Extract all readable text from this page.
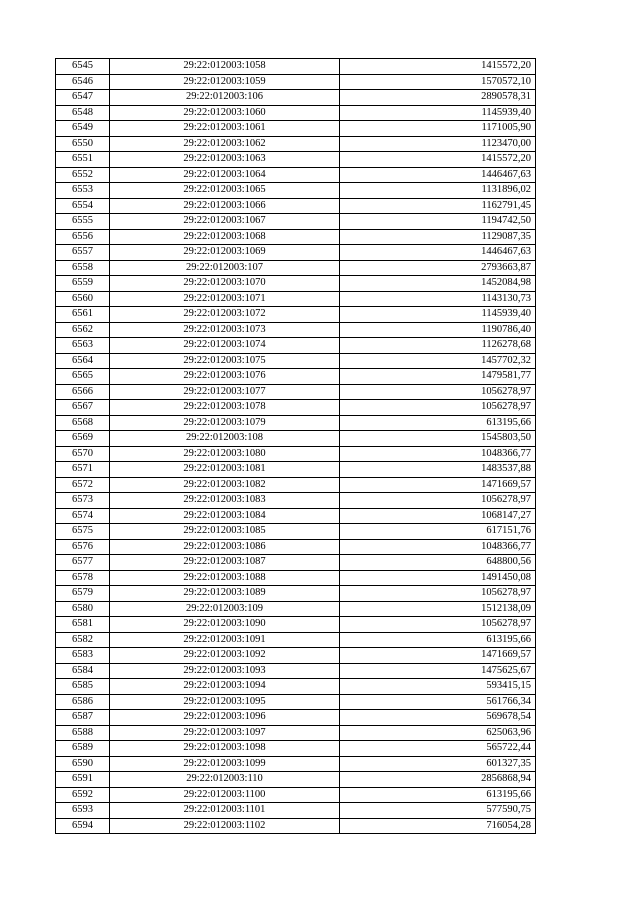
6545	29:22:012003:1058	1415572,20
6546	29:22:012003:1059	1570572,10
6547	29:22:012003:106	2890578,31
6548	29:22:012003:1060	1145939,40
6549	29:22:012003:1061	1171005,90
6550	29:22:012003:1062	1123470,00
6551	29:22:012003:1063	1415572,20
6552	29:22:012003:1064	1446467,63
6553	29:22:012003:1065	1131896,02
6554	29:22:012003:1066	1162791,45
6555	29:22:012003:1067	1194742,50
6556	29:22:012003:1068	1129087,35
6557	29:22:012003:1069	1446467,63
6558	29:22:012003:107	2793663,87
6559	29:22:012003:1070	1452084,98
6560	29:22:012003:1071	1143130,73
6561	29:22:012003:1072	1145939,40
6562	29:22:012003:1073	1190786,40
6563	29:22:012003:1074	1126278,68
6564	29:22:012003:1075	1457702,32
6565	29:22:012003:1076	1479581,77
6566	29:22:012003:1077	1056278,97
6567	29:22:012003:1078	1056278,97
6568	29:22:012003:1079	613195,66
6569	29:22:012003:108	1545803,50
6570	29:22:012003:1080	1048366,77
6571	29:22:012003:1081	1483537,88
6572	29:22:012003:1082	1471669,57
6573	29:22:012003:1083	1056278,97
6574	29:22:012003:1084	1068147,27
6575	29:22:012003:1085	617151,76
6576	29:22:012003:1086	1048366,77
6577	29:22:012003:1087	648800,56
6578	29:22:012003:1088	1491450,08
6579	29:22:012003:1089	1056278,97
6580	29:22:012003:109	1512138,09
6581	29:22:012003:1090	1056278,97
6582	29:22:012003:1091	613195,66
6583	29:22:012003:1092	1471669,57
6584	29:22:012003:1093	1475625,67
6585	29:22:012003:1094	593415,15
6586	29:22:012003:1095	561766,34
6587	29:22:012003:1096	569678,54
6588	29:22:012003:1097	625063,96
6589	29:22:012003:1098	565722,44
6590	29:22:012003:1099	601327,35
6591	29:22:012003:110	2856868,94
6592	29:22:012003:1100	613195,66
6593	29:22:012003:1101	577590,75
6594	29:22:012003:1102	716054,28
